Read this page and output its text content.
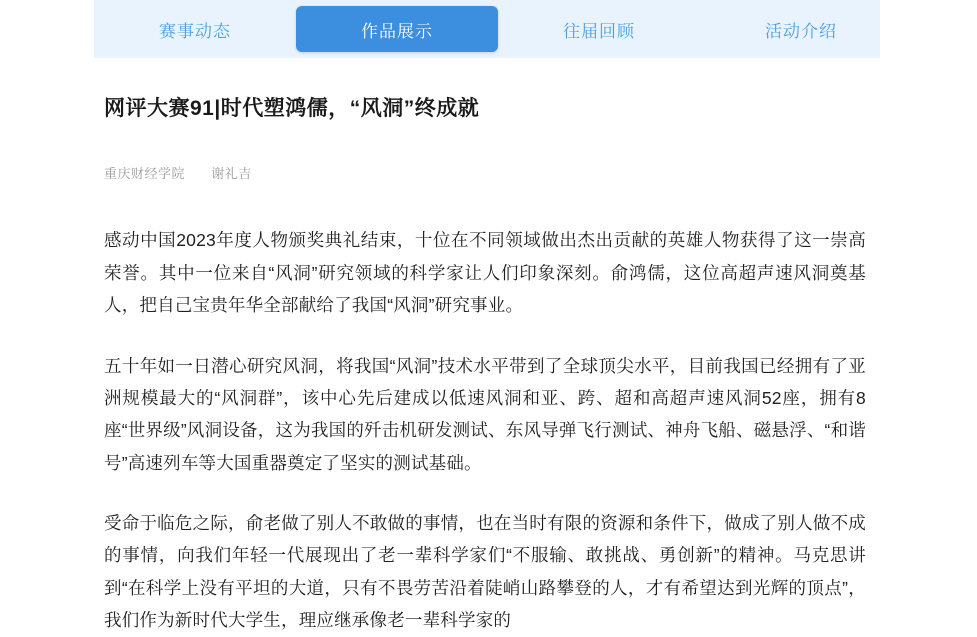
赛事动态	作品展示	往届回顾	活动介绍
网评大赛91|时代塑鸿儒，“风洞”终成就
重庆财经学院 谢礼吉

感动中国2023年度人物颁奖典礼结束，十位在不同领域做出杰出贡献的英雄人物获得了这一崇高荣誉。其中一位来自“风洞”研究领域的科学家让人们印象深刻。俞鸿儒，这位高超声速风洞奠基人，把自己宝贵年华全部献给了我国“风洞”研究事业。

五十年如一日潜心研究风洞，将我国“风洞”技术水平带到了全球顶尖水平，目前我国已经拥有了亚洲规模最大的“风洞群”，该中心先后建成以低速风洞和亚、跨、超和高超声速风洞52座，拥有8座“世界级”风洞设备，这为我国的歼击机研发测试、东风导弹飞行测试、神舟飞船、磁悬浮、“和谐号”高速列车等大国重器奠定了坚实的测试基础。

受命于临危之际，俞老做了别人不敢做的事情，也在当时有限的资源和条件下，做成了别人做不成的事情，向我们年轻一代展现出了老一辈科学家们“不服输、敢挑战、勇创新”的精神。马克思讲到“在科学上没有平坦的大道，只有不畏劳苦沿着陡峭山路攀登的人，才有希望达到光辉的顶点”，我们作为新时代大学生，理应继承像老一辈科学家的
